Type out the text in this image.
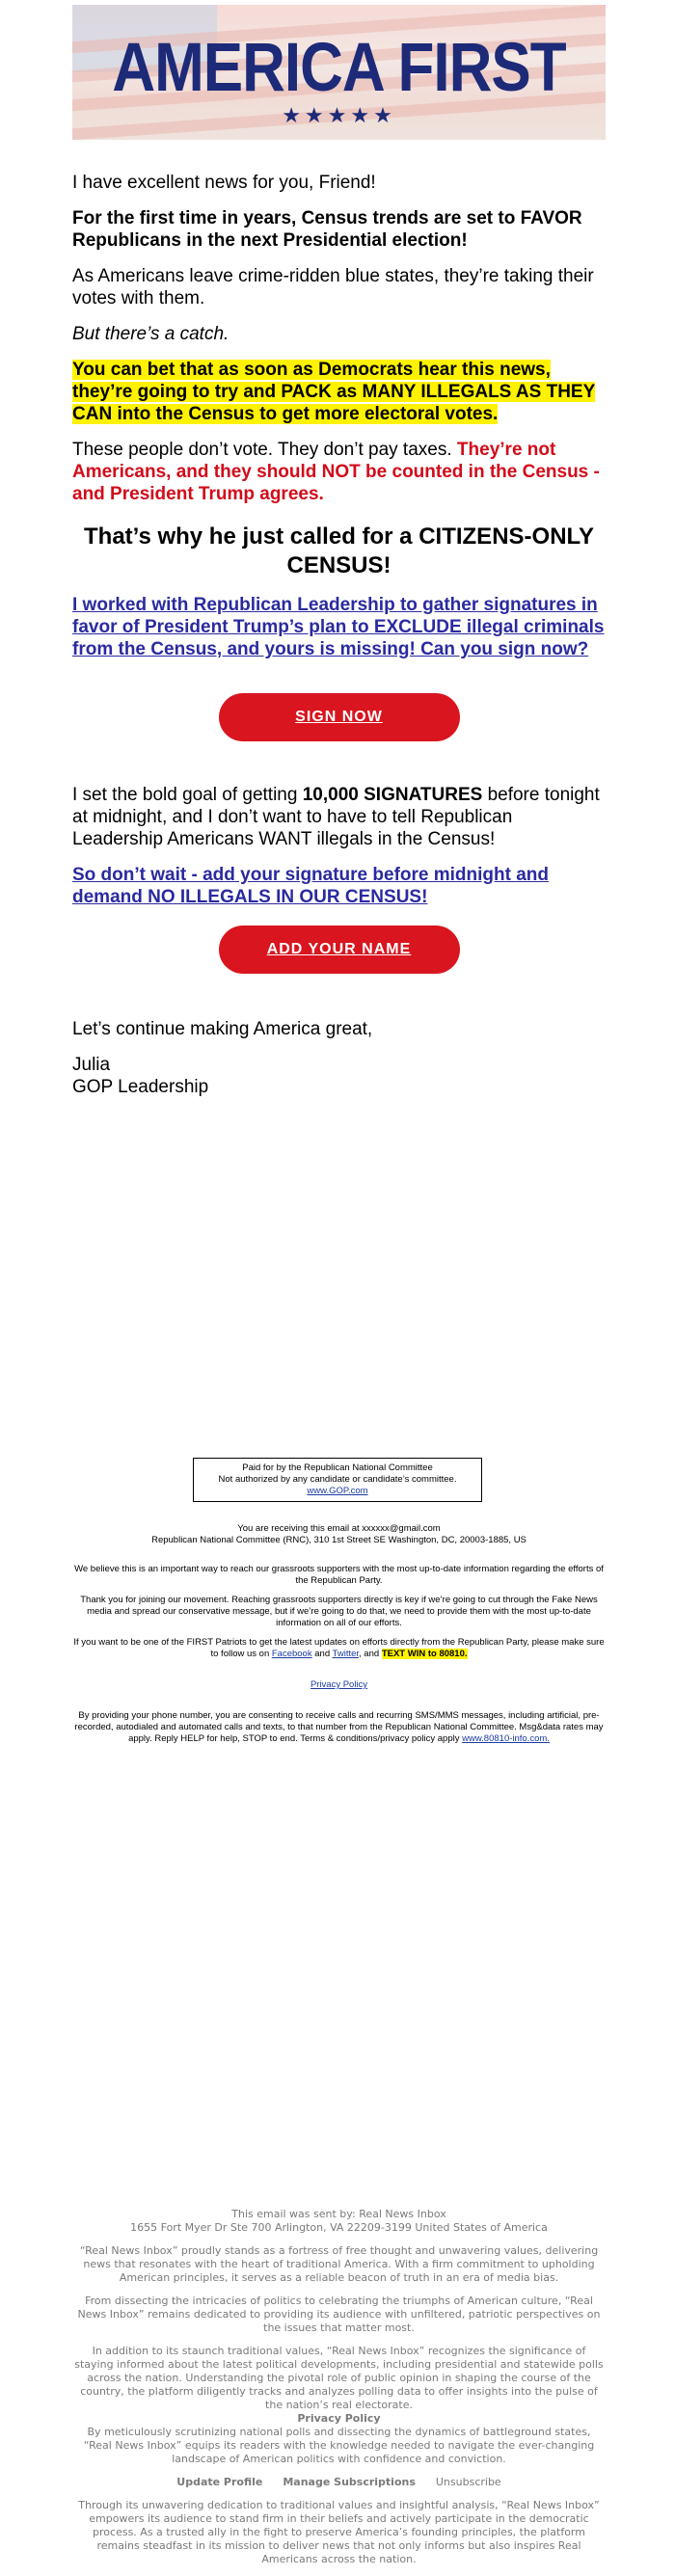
AMERICA FIRST
★★★★★

I have excellent news for you, Friend!

For the first time in years, Census trends are set to FAVOR Republicans in the next Presidential election!

As Americans leave crime-ridden blue states, they’re taking their votes with them.

But there’s a catch.

You can bet that as soon as Democrats hear this news, they’re going to try and PACK as MANY ILLEGALS AS THEY CAN into the Census to get more electoral votes.

These people don’t vote. They don’t pay taxes. They’re not Americans, and they should NOT be counted in the Census - and President Trump agrees.

That’s why he just called for a CITIZENS-ONLY CENSUS!

I worked with Republican Leadership to gather signatures in favor of President Trump’s plan to EXCLUDE illegal criminals from the Census, and yours is missing! Can you sign now?

SIGN NOW

I set the bold goal of getting 10,000 SIGNATURES before tonight at midnight, and I don’t want to have to tell Republican Leadership Americans WANT illegals in the Census!

So don’t wait - add your signature before midnight and demand NO ILLEGALS IN OUR CENSUS!

ADD YOUR NAME

Let’s continue making America great,

Julia

GOP Leadership

Paid for by the Republican National Committee
Not authorized by any candidate or candidate’s committee.
www.GOP.com
You are receiving this email at xxxxxx@gmail.com
Republican National Committee (RNC), 310 1st Street SE Washington, DC, 20003-1885, US
We believe this is an important way to reach our grassroots supporters with the most up-to-date information regarding the efforts of the Republican Party.
Thank you for joining our movement. Reaching grassroots supporters directly is key if we’re going to cut through the Fake News media and spread our conservative message, but if we’re going to do that, we need to provide them with the most up-to-date information on all of our efforts.
If you want to be one of the FIRST Patriots to get the latest updates on efforts directly from the Republican Party, please make sure to follow us on Facebook and Twitter, and TEXT WIN to 80810.
Privacy Policy
By providing your phone number, you are consenting to receive calls and recurring SMS/MMS messages, including artificial, pre-recorded, autodialed and automated calls and texts, to that number from the Republican National Committee. Msg&data rates may apply. Reply HELP for help, STOP to end. Terms & conditions/privacy policy apply www.80810-info.com.
This email was sent by: Real News Inbox
1655 Fort Myer Dr Ste 700 Arlington, VA 22209-3199 United States of America
“Real News Inbox” proudly stands as a fortress of free thought and unwavering values, delivering news that resonates with the heart of traditional America. With a firm commitment to upholding American principles, it serves as a reliable beacon of truth in an era of media bias.
From dissecting the intricacies of politics to celebrating the triumphs of American culture, “Real News Inbox” remains dedicated to providing its audience with unfiltered, patriotic perspectives on the issues that matter most.
In addition to its staunch traditional values, “Real News Inbox” recognizes the significance of staying informed about the latest political developments, including presidential and statewide polls across the nation. Understanding the pivotal role of public opinion in shaping the course of the country, the platform diligently tracks and analyzes polling data to offer insights into the pulse of the nation’s real electorate.
Privacy Policy
By meticulously scrutinizing national polls and dissecting the dynamics of battleground states, “Real News Inbox” equips its readers with the knowledge needed to navigate the ever-changing landscape of American politics with confidence and conviction.
Update Profile Manage Subscriptions Unsubscribe
Through its unwavering dedication to traditional values and insightful analysis, “Real News Inbox” empowers its audience to stand firm in their beliefs and actively participate in the democratic process. As a trusted ally in the fight to preserve America’s founding principles, the platform remains steadfast in its mission to deliver news that not only informs but also inspires Real Americans across the nation.
